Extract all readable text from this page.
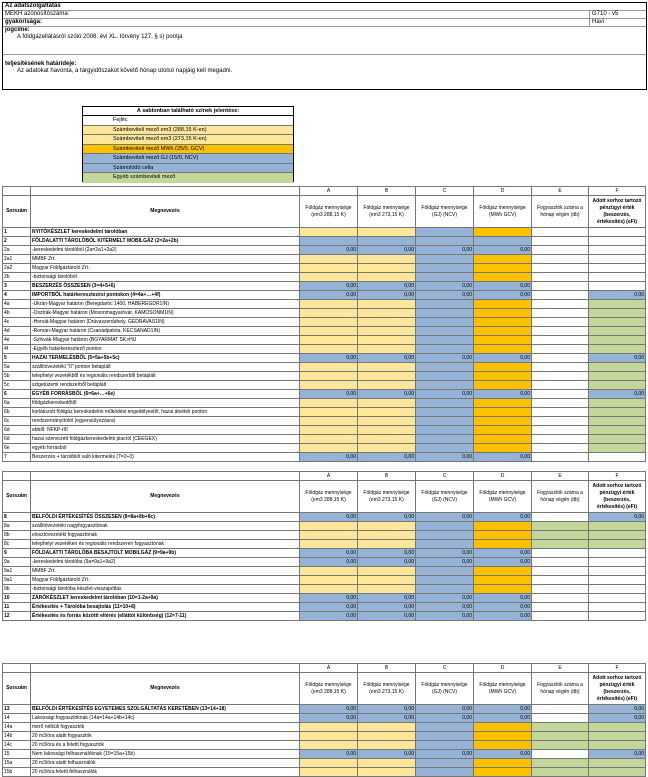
Az adatszolgáltatás
MEKH azonosítószáma:	G710 - v5
gyakorisága:	Havi
jogcíme:
A földgázellátásról szóló 2008. évi XL. törvény 127. § s) pontja
teljesítésének határideje:
Az adatokat havonta, a tárgyidőszakot követő hónap utolsó napjáig kell megadni.
A sablonban található színek jelentése:
Fejléc
Számbeviteli mező em3 (288,15 K-en)
Számbeviteli mező em3 (273,15 K-en)
Számbeviteli mező MWh (25/0, GCV)
Számbeviteli mező GJ (15/0, NCV)
Számolódó cella
Egyéb számbeviteli mező
		A	B	C	D	E	F
Sorszám	Megnevezés	Földgáz mennyisége (em3 288,15 K)	Földgáz mennyisége (em3 273,15 K)	Földgáz mennyisége (GJ) (NCV)	Földgáz mennyisége (MWh GCV)	Fogyasztók száma a hónap végén (db)	Adott sorhoz tartozó pénzügyi érték (beszerzés, értékesítés) (eFt)
1	NYITÓKÉSZLET kereskedelmi tárolóban						
2	FÖLDALATTI TÁROLÓBÓL KITERMELT MOBILGÁZ (2=2a+2b)						
2a	-kereskedelmi tárolóból (2a=2a1+2a2)	0,00	0,00	0,00	0,00		
2a1	MMBF Zrt.						
2a2	Magyar Földgáztároló Zrt.						
2b	-biztonsági tárolóból						
3	BESZERZÉS ÖSSZESEN (3=4+5+6)	0,00	0,00	0,00	0,00		
4	IMPORTBÓL határkeresztezési pontokon (4=4a+…+4f)	0,00	0,00	0,00	0,00		0,00
4a	-Ukrán-Magyar határon (Beregdaróc 1400, HABEREGDR1IN)						
4b	-Osztrák-Magyar határon (Mosonmagyaróvár, KAMOSONM1IN)						
4c	-Horvát-Magyar határon (Drávaszerdahely, GEDRAVAS1IN)						
4d	-Román-Magyar határon (Csanádpalota, KECSANAD1IN)						
4e	-Szlovák-Magyar határon (BGYARMAT SK>HU						
4f	-Egyéb határkeresztező ponton						
5	HAZAI TERMELÉSBŐL (5=5a+5b+5c)	0,00	0,00	0,00	0,00		0,00
5a	szállítóvezetéki "0" ponton betáplált						
5b	telephelyi vezetékből és regionális rendszerből betáplált						
5c	szigetüzemi rendszerből betáplált						
6	EGYÉB FORRÁSBÓL (6=6a+…+6e)	0,00	0,00	0,00	0,00		0,00
6a	földgázkereskedőtől						
6b	korlátozott földgáz kereskedelmi működési engedélyestől, hazai átvételi ponton						
6c	rendszerirányítótól (egyensúlyozásra)						
6d	ebből: NFKP-ről						
6d	hazai szervezett földgázkereskedelmi piacról (CEEGEX)						
6e	egyéb forrásból						
7	Beszerzés + tárolóból való kitermelés (7=2+3)	0,00	0,00	0,00	0,00		
		A	B	C	D	E	F
Sorszám	Megnevezés	Földgáz mennyisége (em3 288,15 K)	Földgáz mennyisége (em3 273,15 K)	Földgáz mennyisége (GJ) (NCV)	Földgáz mennyisége (MWh GCV)	Fogyasztók száma a hónap végén (db)	Adott sorhoz tartozó pénzügyi érték (beszerzés, értékesítés) (eFt)
8	BELFÖLDI ÉRTÉKESÍTÉS ÖSSZESEN (8=8a+8b+8c)	0,00	0,00	0,00	0,00		0,00
8a	szállítóvezetéki nagyfogyasztónak						
8b	elosztóvezetéki fogyasztónak						
8c	telephelyi vezetéken és regionális rendszeren fogyasztónak						
9	FÖLDALATTI TÁROLÓBA BESAJTOLT MOBILGÁZ (9=9a+9b)	0,00	0,00	0,00	0,00		
9a	-kereskedelmi tárolóba (9a=9a1+9a2)	0,00	0,00	0,00	0,00		
9a1	MMBF Zrt.						
9a1	Magyar Földgáztároló Zrt.						
9b	-biztonsági tárolóba készlet-visszapótlás						
10	ZÁRÓKÉSZLET kereskedelmi tárolóban (10=1-2a+9a)	0,00	0,00	0,00	0,00		
11	Értékesítés + Tárolóba besajtolás (11=10+8)	0,00	0,00	0,00	0,00		
12	Értékesítés és forrás közötti eltérés (elláttói különbség) (12=7-11)	0,00	0,00	0,00	0,00		
		A	B	C	D	E	F
Sorszám	Megnevezés	Földgáz mennyisége (em3 288,15 K)	Földgáz mennyisége (em3 273,15 K)	Földgáz mennyisége (GJ) (NCV)	Földgáz mennyisége (MWh GCV)	Fogyasztók száma a hónap végén (db)	Adott sorhoz tartozó pénzügyi érték (beszerzés, értékesítés) (eFt)
13	BELFÖLDI ÉRTÉKESÍTÉS EGYETEMES SZOLGÁLTATÁS KERETÉBEN (13=14+18)	0,00	0,00	0,00	0,00		0,00
14	Lakossági fogyasztóknak (14a=14a+14b+14c)	0,00	0,00	0,00	0,00		0,00
14a	mérő nélküli fogyasztók						
14b	20 m3/óra alatti fogyasztók						
14c	20 m3/óra és a feletti fogyasztók						
15	Nem lakossági felhasználóknak (15=15a+15b)	0,00	0,00	0,00	0,00		0,00
15a	20 m3/óra alatti felhasználók						
15b	20 m3/óra feletti felhasználók						
